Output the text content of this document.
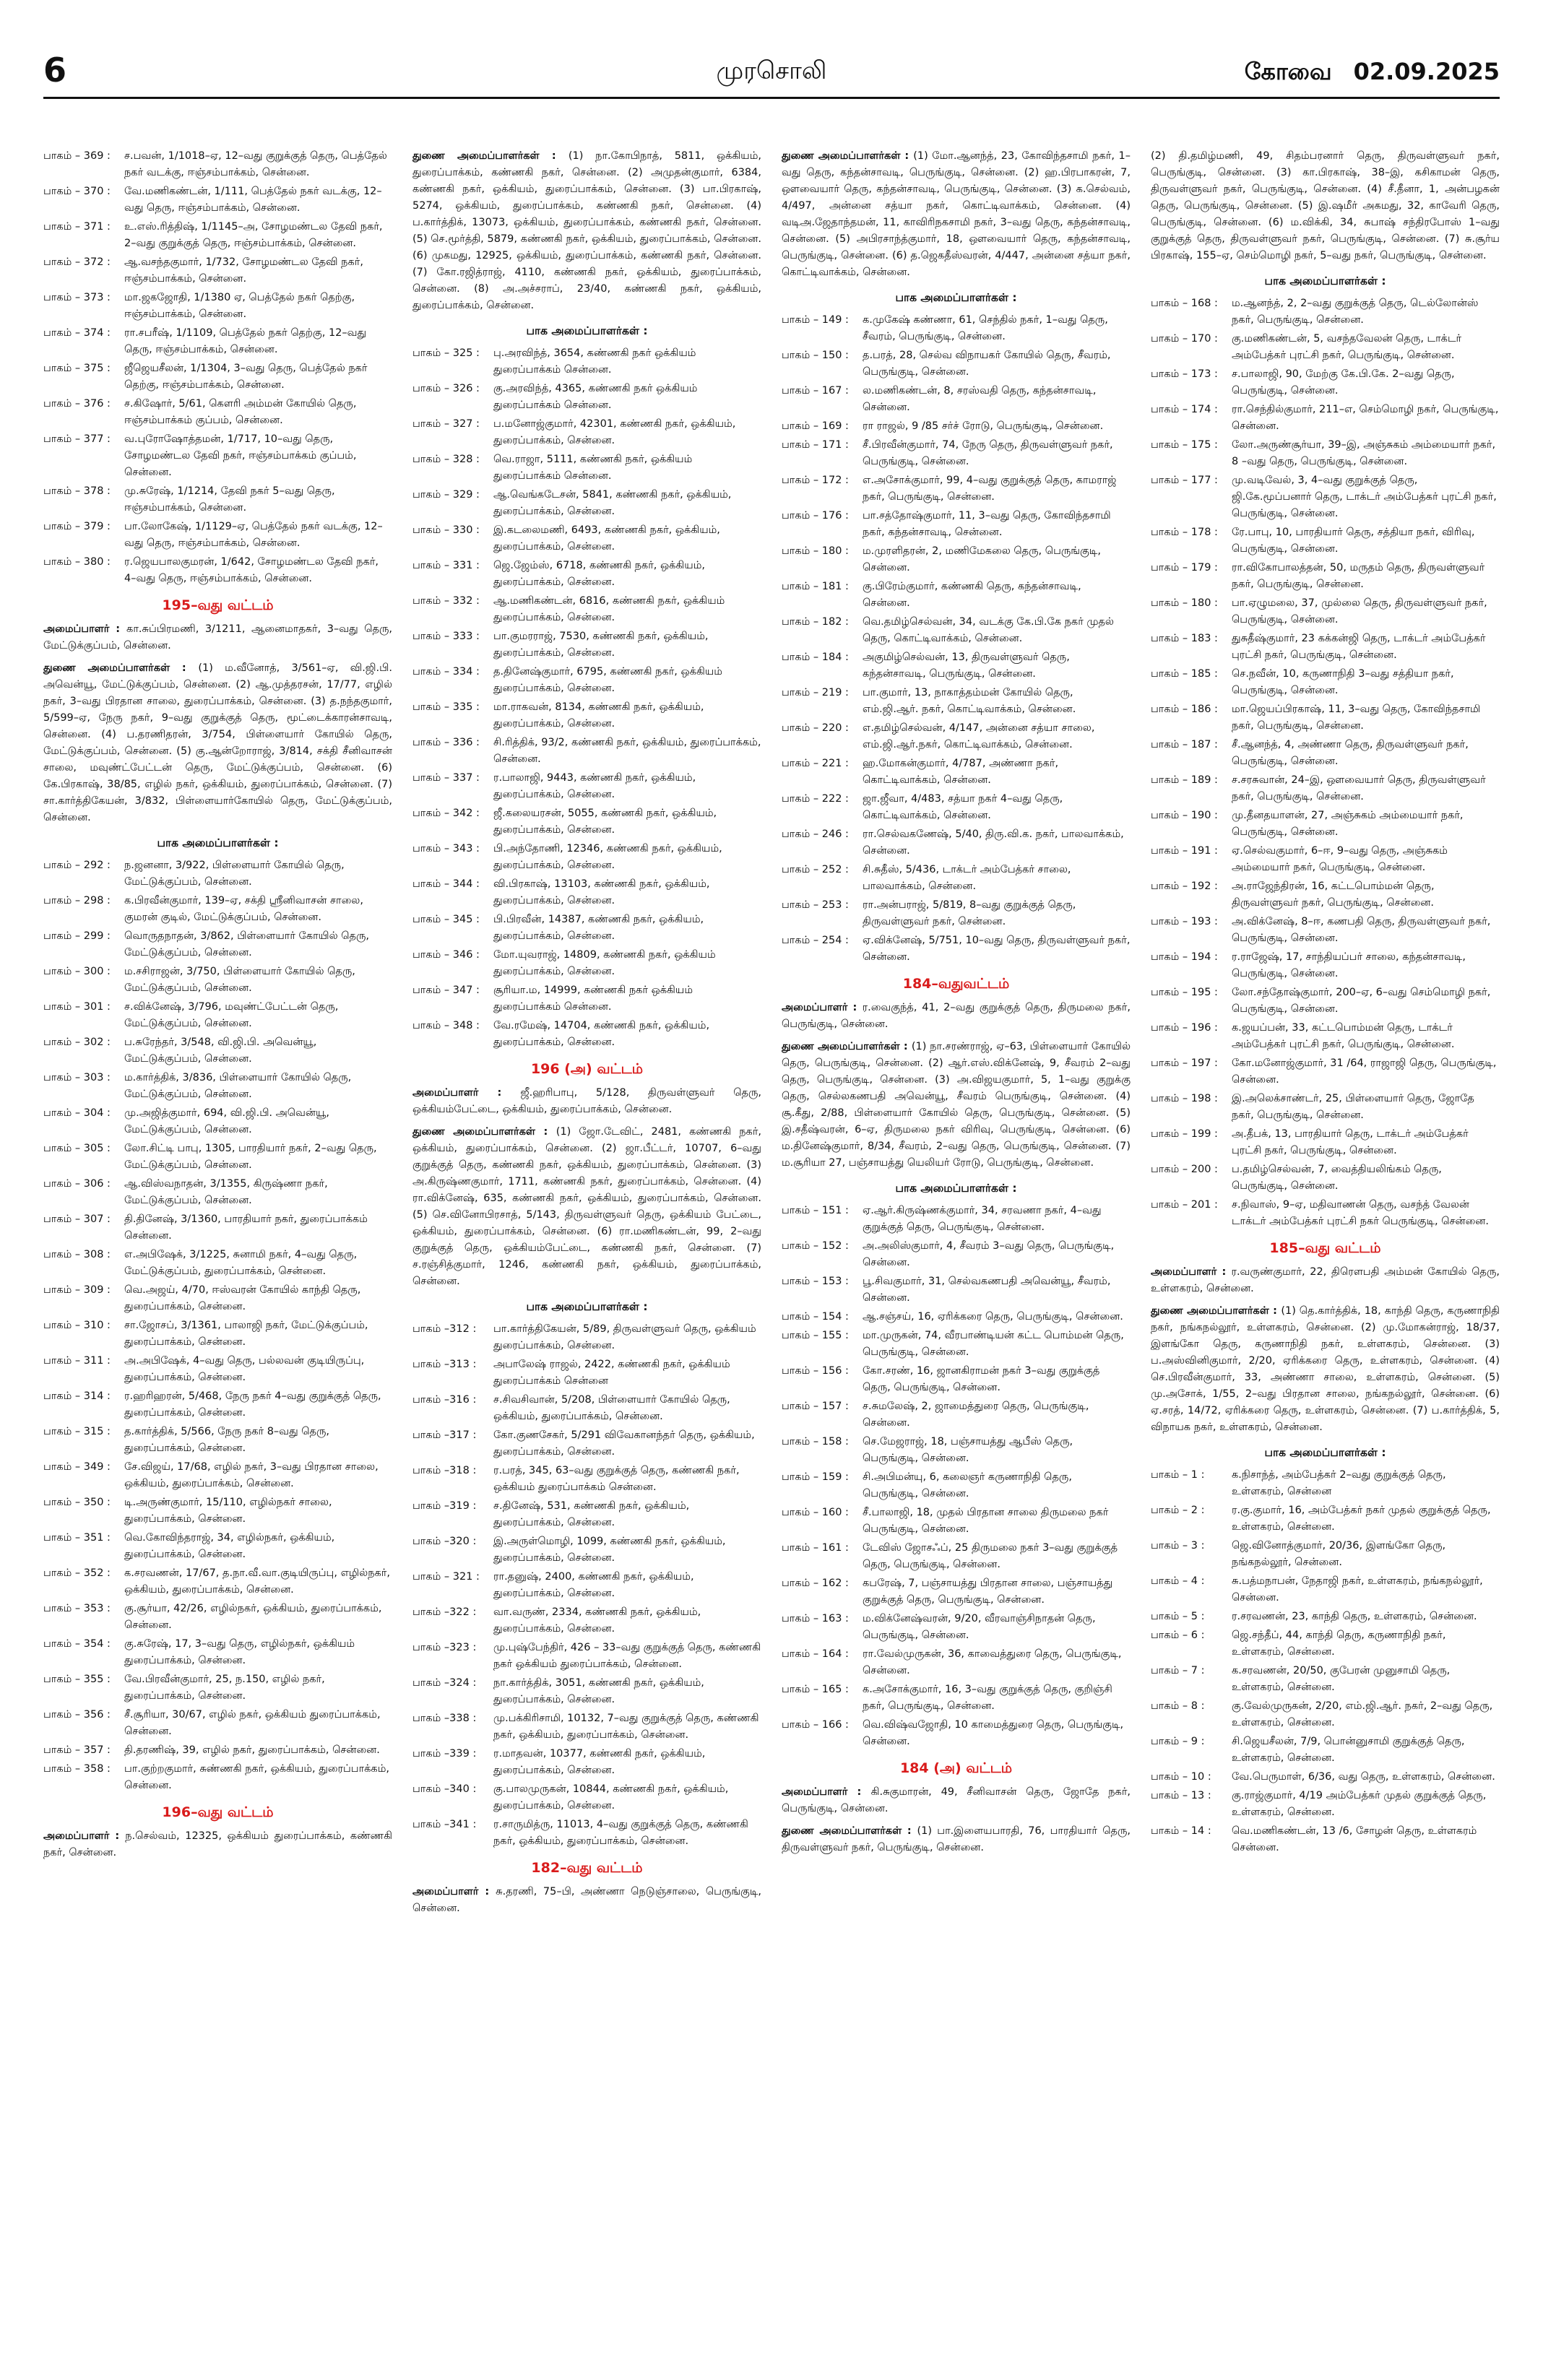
6	முரசொலி	கோவை 02.09.2025
பாகம் – 369 :	ச.பவன், 1/1018–ஏ, 12–வது குறுக்குத் தெரு, பெத்தேல் நகர் வடக்கு, ஈஞ்சம்பாக்கம், சென்னை.
பாகம் – 370 :	வே.மணிகண்டன், 1/111, பெத்தேல் நகர் வடக்கு, 12– வது தெரு, ஈஞ்சம்பாக்கம், சென்னை.
பாகம் – 371 :	உ.எஸ்.ரித்திஷ், 1/1145–அ, சோழமண்டல தேவி நகர், 2–வது குறுக்குத் தெரு, ஈஞ்சம்பாக்கம், சென்னை.
பாகம் – 372 :	ஆ.வசந்தகுமார், 1/732, சோழமண்டல தேவி நகர், ஈஞ்சம்பாக்கம், சென்னை.
பாகம் – 373 :	மா.ஜகஜோதி, 1/1380 ஏ, பெத்தேல் நகர் தெற்கு, ஈஞ்சம்பாக்கம், சென்னை.
பாகம் – 374 :	ரா.சபரீஷ், 1/1109, பெத்தேல் நகர் தெற்கு, 12–வது தெரு, ஈஞ்சம்பாக்கம், சென்னை.
பாகம் – 375 :	ஜீஜெயசீலன், 1/1304, 3–வது தெரு, பெத்தேல் நகர் தெற்கு, ஈஞ்சம்பாக்கம், சென்னை.
பாகம் – 376 :	ச.கிஷோர், 5/61, கௌரி அம்மன் கோயில் தெரு, ஈஞ்சம்பாக்கம் குப்பம், சென்னை.
பாகம் – 377 :	வ.புரோஷோத்தமன், 1/717, 10–வது தெரு, சோழமண்டல தேவி நகர், ஈஞ்சம்பாக்கம் குப்பம், சென்னை.
பாகம் – 378 :	மு.சுரேஷ், 1/1214, தேவி நகர் 5–வது தெரு, ஈஞ்சம்பாக்கம், சென்னை.
பாகம் – 379 :	பா.லோகேஷ், 1/1129–ஏ, பெத்தேல் நகர் வடக்கு, 12–வது தெரு, ஈஞ்சம்பாக்கம், சென்னை.
பாகம் – 380 :	ர.ஜெயபாலகுமரன், 1/642, சோழமண்டல தேவி நகர், 4–வது தெரு, ஈஞ்சம்பாக்கம், சென்னை.
195–வது வட்டம்
அமைப்பாளர் : கா.சுப்பிரமணி, 3/1211, ஆனைமாதகர், 3–வது தெரு, மேட்டுக்குப்பம், சென்னை.
துணை அமைப்பாளர்கள் : (1) ம.வீனோத், 3/561–ஏ, வி.ஜி.பி. அவென்யூ, மேட்டுக்குப்பம், சென்னை. (2) ஆ.முத்தரசன், 17/77, எழில் நகர், 3–வது பிரதான சாலை, துரைப்பாக்கம், சென்னை. (3) த.நந்தகுமார், 5/599–ஏ, நேரு நகர், 9–வது குறுக்குத் தெரு, மூட்டைக்காரன்சாவடி, சென்னை. (4) ப.தரணிதரன், 3/754, பிள்ளையார் கோயில் தெரு, மேட்டுக்குப்பம், சென்னை. (5) கு.ஆன்றோராஜ், 3/814, சக்தி சீனிவாசன் சாலை, மவுண்ட்பேட்டன் தெரு, மேட்டுக்குப்பம், சென்னை. (6) கே.பிரகாஷ், 38/85, எழில் நகர், ஒக்கியம், துரைப்பாக்கம், சென்னை. (7) சா.கார்த்திகேயன், 3/832, பிள்ளையார்கோயில் தெரு, மேட்டுக்குப்பம், சென்னை.
பாக அமைப்பாளர்கள் :
பாகம் – 292 :	ந.ஜனனா, 3/922, பிள்ளையார் கோயில் தெரு, மேட்டுக்குப்பம், சென்னை.
பாகம் – 298 :	க.பிரவீன்குமார், 139–ஏ, சக்தி ஸ்ரீனிவாசன் சாலை, குமரன் குடில், மேட்டுக்குப்பம், சென்னை.
பாகம் – 299 :	வொருதநாதன், 3/862, பிள்ளையார் கோயில் தெரு, மேட்டுக்குப்பம், சென்னை.
பாகம் – 300 :	ம.சசிராஜன், 3/750, பிள்ளையார் கோயில் தெரு, மேட்டுக்குப்பம், சென்னை.
பாகம் – 301 :	ச.விக்னேஷ், 3/796, மவுண்ட்பேட்டன் தெரு, மேட்டுக்குப்பம், சென்னை.
பாகம் – 302 :	ப.சுரேந்தர், 3/548, வி.ஜி.பி. அவென்யூ, மேட்டுக்குப்பம், சென்னை.
பாகம் – 303 :	ம.கார்த்திக், 3/836, பிள்ளையார் கோயில் தெரு, மேட்டுக்குப்பம், சென்னை.
பாகம் – 304 :	மு.அஜித்குமார், 694, வி.ஜி.பி. அவென்யூ, மேட்டுக்குப்பம், சென்னை.
பாகம் – 305 :	லோ.சிட்டி பாபு, 1305, பாரதியார் நகர், 2–வது தெரு, மேட்டுக்குப்பம், சென்னை.
பாகம் – 306 :	ஆ.விஸ்வநாதன், 3/1355, கிருஷ்ணா நகர், மேட்டுக்குப்பம், சென்னை.
பாகம் – 307 :	தி.தினேஷ், 3/1360, பாரதியார் நகர், துரைப்பாக்கம் சென்னை.
பாகம் – 308 :	எ.அபிஷேக், 3/1225, சுனாமி நகர், 4–வது தெரு, மேட்டுக்குப்பம், துரைப்பாக்கம், சென்னை.
பாகம் – 309 :	வெ.அஜய், 4/70, ஈஸ்வரன் கோயில் காந்தி தெரு, துரைப்பாக்கம், சென்னை.
பாகம் – 310 :	சா.ஜோசப், 3/1361, பாலாஜி நகர், மேட்டுக்குப்பம், துரைப்பாக்கம், சென்னை.
பாகம் – 311 :	அ.அபிஷேக், 4–வது தெரு, பல்லவன் குடியிருப்பு, துரைப்பாக்கம், சென்னை.
பாகம் – 314 :	ர.ஹரிஹரன், 5/468, நேரு நகர் 4–வது குறுக்குத் தெரு, துரைப்பாக்கம், சென்னை.
பாகம் – 315 :	த.கார்த்திக், 5/566, நேரு நகர் 8–வது தெரு, துரைப்பாக்கம், சென்னை.
பாகம் – 349 :	சே.விஜய், 17/68, எழில் நகர், 3–வது பிரதான சாலை, ஒக்கியம், துரைப்பாக்கம், சென்னை.
பாகம் – 350 :	டி.அருண்குமார், 15/110, எழில்நகர் சாலை, துரைப்பாக்கம், சென்னை.
பாகம் – 351 :	வெ.கோவிந்தராஜ், 34, எழில்நகர், ஒக்கியம், துரைப்பாக்கம், சென்னை.
பாகம் – 352 :	க.சரவணன், 17/67, த.நா.வீ.வா.குடியிருப்பு, எழில்நகர், ஒக்கியம், துரைப்பாக்கம், சென்னை.
பாகம் – 353 :	கு.சூர்யா, 42/26, எழில்நகர், ஒக்கியம், துரைப்பாக்கம், சென்னை.
பாகம் – 354 :	கு.சுரேஷ், 17, 3–வது தெரு, எழில்நகர், ஒக்கியம் துரைப்பாக்கம், சென்னை.
பாகம் – 355 :	வே.பிரவீன்குமார், 25, ந.150, எழில் நகர், துரைப்பாக்கம், சென்னை.
பாகம் – 356 :	சீ.சூரியா, 30/67, எழில் நகர், ஒக்கியம் துரைப்பாக்கம், சென்னை.
பாகம் – 357 :	தி.தரணிஷ், 39, எழில் நகர், துரைப்பாக்கம், சென்னை.
பாகம் – 358 :	பா.குற்றகுமார், சுண்ணகி நகர், ஒக்கியம், துரைப்பாக்கம், சென்னை.
196–வது வட்டம்
அமைப்பாளர் : ந.செல்வம், 12325, ஒக்கியம் துரைப்பாக்கம், கண்ணகி நகர், சென்னை.
துணை அமைப்பாளர்கள் : (1) நா.கோபிநாத், 5811, ஒக்கியம், துரைப்பாக்கம், கண்ணகி நகர், சென்னை. (2) அமுதன்குமார், 6384, கண்ணகி நகர், ஒக்கியம், துரைப்பாக்கம், சென்னை. (3) பா.பிரகாஷ், 5274, ஒக்கியம், துரைப்பாக்கம், கண்ணகி நகர், சென்னை. (4) ப.கார்த்திக், 13073, ஒக்கியம், துரைப்பாக்கம், கண்ணகி நகர், சென்னை. (5) செ.மூர்த்தி, 5879, கண்ணகி நகர், ஒக்கியம், துரைப்பாக்கம், சென்னை. (6) முகமது, 12925, ஒக்கியம், துரைப்பாக்கம், கண்ணகி நகர், சென்னை. (7) கோ.ரஜித்ராஜ், 4110, கண்ணகி நகர், ஒக்கியம், துரைப்பாக்கம், சென்னை. (8) அ.அச்சராப், 23/40, கண்ணகி நகர், ஒக்கியம், துரைப்பாக்கம், சென்னை.
பாக அமைப்பாளர்கள் :
பாகம் – 325 :	பு.அரவிந்த், 3654, கண்ணகி நகர் ஒக்கியம் துரைப்பாக்கம் சென்னை.
பாகம் – 326 :	கு.அரவிந்த், 4365, கண்ணகி நகர் ஒக்கியம் துரைப்பாக்கம் சென்னை.
பாகம் – 327 :	ப.மனோஜ்குமார், 42301, கண்ணகி நகர், ஒக்கியம், துரைப்பாக்கம், சென்னை.
பாகம் – 328 :	வெ.ராஜா, 5111, கண்ணகி நகர், ஒக்கியம் துரைப்பாக்கம் சென்னை.
பாகம் – 329 :	ஆ.வெங்கடேசன், 5841, கண்ணகி நகர், ஒக்கியம், துரைப்பாக்கம், சென்னை.
பாகம் – 330 :	இ.கடலைமணி, 6493, கண்ணகி நகர், ஒக்கியம், துரைப்பாக்கம், சென்னை.
பாகம் – 331 :	ஜெ.ஜேம்ஸ், 6718, கண்ணகி நகர், ஒக்கியம், துரைப்பாக்கம், சென்னை.
பாகம் – 332 :	ஆ.மணிகண்டன், 6816, கண்ணகி நகர், ஒக்கியம் துரைப்பாக்கம், சென்னை.
பாகம் – 333 :	பா.குமரராஜ், 7530, கண்ணகி நகர், ஒக்கியம், துரைப்பாக்கம், சென்னை.
பாகம் – 334 :	த.தினேஷ்குமார், 6795, கண்ணகி நகர், ஒக்கியம் துரைப்பாக்கம், சென்னை.
பாகம் – 335 :	மா.ராகவன், 8134, கண்ணகி நகர், ஒக்கியம், துரைப்பாக்கம், சென்னை.
பாகம் – 336 :	சி.ரித்திக், 93/2, கண்ணகி நகர், ஒக்கியம், துரைப்பாக்கம், சென்னை.
பாகம் – 337 :	ர.பாலாஜி, 9443, கண்ணகி நகர், ஒக்கியம், துரைப்பாக்கம், சென்னை.
பாகம் – 342 :	ஜீ.கலையரசன், 5055, கண்ணகி நகர், ஒக்கியம், துரைப்பாக்கம், சென்னை.
பாகம் – 343 :	பி.அந்தோணி, 12346, கண்ணகி நகர், ஒக்கியம், துரைப்பாக்கம், சென்னை.
பாகம் – 344 :	வி.பிரகாஷ், 13103, கண்ணகி நகர், ஒக்கியம், துரைப்பாக்கம், சென்னை.
பாகம் – 345 :	பி.பிரவீன், 14387, கண்ணகி நகர், ஒக்கியம், துரைப்பாக்கம், சென்னை.
பாகம் – 346 :	மோ.யுவராஜ், 14809, கண்ணகி நகர், ஒக்கியம் துரைப்பாக்கம், சென்னை.
பாகம் – 347 :	சூரியா.ம, 14999, கண்ணகி நகர் ஒக்கியம் துரைப்பாக்கம் சென்னை.
பாகம் – 348 :	வே.ரமேஷ், 14704, கண்ணகி நகர், ஒக்கியம், துரைப்பாக்கம், சென்னை.
196 (அ) வட்டம்
அமைப்பாளர் : ஜீ.ஹரிபாபு, 5/128, திருவள்ளுவர் தெரு, ஒக்கியம்பேட்டை, ஒக்கியம், துரைப்பாக்கம், சென்னை.
துணை அமைப்பாளர்கள் : (1) ஜோ.டேவிட், 2481, கண்ணகி நகர், ஒக்கியம், துரைப்பாக்கம், சென்னை. (2) ஜா.பீட்டர், 10707, 6–வது குறுக்குத் தெரு, கண்ணகி நகர், ஒக்கியம், துரைப்பாக்கம், சென்னை. (3) அ.கிருஷ்ணகுமார், 1711, கண்ணகி நகர், துரைப்பாக்கம், சென்னை. (4) ரா.விக்னேஷ், 635, கண்ணகி நகர், ஒக்கியம், துரைப்பாக்கம், சென்னை. (5) செ.வினோபிரசாத், 5/143, திருவள்ளுவர் தெரு, ஒக்கியம் பேட்டை, ஒக்கியம், துரைப்பாக்கம், சென்னை. (6) ரா.மணிகண்டன், 99, 2–வது குறுக்குத் தெரு, ஒக்கியம்பேட்டை, கண்ணகி நகர், சென்னை. (7) ச.ரஞ்சித்குமார், 1246, கண்ணகி நகர், ஒக்கியம், துரைப்பாக்கம், சென்னை.
பாக அமைப்பாளர்கள் :
பாகம் –312 :	பா.கார்த்திகேயன், 5/89, திருவள்ளுவர் தெரு, ஒக்கியம் துரைப்பாக்கம், சென்னை.
பாகம் –313 :	அபாலேஷ் ராஜல், 2422, கண்ணகி நகர், ஒக்கியம் துரைப்பாக்கம் சென்னை
பாகம் –316 :	ச.சிவசிவான், 5/208, பிள்ளையார் கோயில் தெரு, ஒக்கியம், துரைப்பாக்கம், சென்னை.
பாகம் –317 :	கோ.குணசேகர், 5/291 விவேகானந்தர் தெரு, ஒக்கியம், துரைப்பாக்கம், சென்னை.
பாகம் –318 :	ர.பரத், 345, 63–வது குறுக்குத் தெரு, கண்ணகி நகர், ஒக்கியம் துரைப்பாக்கம் சென்னை.
பாகம் –319 :	ச.தினேஷ், 531, கண்ணகி நகர், ஒக்கியம், துரைப்பாக்கம், சென்னை.
பாகம் –320 :	இ.அருள்மொழி, 1099, கண்ணகி நகர், ஒக்கியம், துரைப்பாக்கம், சென்னை.
பாகம் – 321 :	ரா.தனுஷ், 2400, கண்ணகி நகர், ஒக்கியம், துரைப்பாக்கம், சென்னை.
பாகம் –322 :	வா.வருண், 2334, கண்ணகி நகர், ஒக்கியம், துரைப்பாக்கம், சென்னை.
பாகம் –323 :	மு.புஷ்பேந்திர், 426 – 33–வது குறுக்குத் தெரு, கண்ணகி நகர் ஒக்கியம் துரைப்பாக்கம், சென்னை.
பாகம் –324 :	நா.கார்த்திக், 3051, கண்ணகி நகர், ஒக்கியம், துரைப்பாக்கம், சென்னை.
பாகம் –338 :	மு.பக்கிரிசாமி, 10132, 7–வது குறுக்குத் தெரு, கண்ணகி நகர், ஒக்கியம், துரைப்பாக்கம், சென்னை.
பாகம் –339 :	ர.மாதவன், 10377, கண்ணகி நகர், ஒக்கியம், துரைப்பாக்கம், சென்னை.
பாகம் –340 :	கு.பாலமுருகன், 10844, கண்ணகி நகர், ஒக்கியம், துரைப்பாக்கம், சென்னை.
பாகம் –341 :	ர.சாருமித்ரு, 11013, 4–வது குறுக்குத் தெரு, கண்ணகி நகர், ஒக்கியம், துரைப்பாக்கம், சென்னை.
182–வது வட்டம்
அமைப்பாளர் : சு.தரணி, 75–பி, அண்ணா நெடுஞ்சாலை, பெருங்குடி, சென்னை.
துணை அமைப்பாளர்கள் : (1) மோ.ஆனந்த், 23, கோவிந்தசாமி நகர், 1–வது தெரு, கந்தன்சாவடி, பெருங்குடி, சென்னை. (2) ஹ.பிரபாகரன், 7, ஔவையார் தெரு, கந்தன்சாவடி, பெருங்குடி, சென்னை. (3) க.செல்வம், 4/497, அன்னை சத்யா நகர், கொட்டிவாக்கம், சென்னை. (4) வடிஅ.ஜேதாந்தமன், 11, காவிரிநகசாமி நகர், 3–வது தெரு, கந்தன்சாவடி, சென்னை. (5) அபிரசாந்த்குமார், 18, ஔவையார் தெரு, கந்தன்சாவடி, பெருங்குடி, சென்னை. (6) த.ஜெகதீஸ்வரன், 4/447, அன்னை சத்யா நகர், கொட்டிவாக்கம், சென்னை.
பாக அமைப்பாளர்கள் :
பாகம் – 149 :	க.முகேஷ் கண்ணா, 61, செந்தில் நகர், 1–வது தெரு, சீவரம், பெருங்குடி, சென்னை.
பாகம் – 150 :	த.பரத், 28, செல்வ விநாயகர் கோயில் தெரு, சீவரம், பெருங்குடி, சென்னை.
பாகம் – 167 :	ல.மணிகண்டன், 8, சரஸ்வதி தெரு, கந்தன்சாவடி, சென்னை.
பாகம் – 169 :	ரா ராஜல், 9 /85 சர்ச் ரோடு, பெருங்குடி, சென்னை.
பாகம் – 171 :	சீ.பிரவீன்குமார், 74, நேரு தெரு, திருவள்ளுவர் நகர், பெருங்குடி, சென்னை.
பாகம் – 172 :	எ.அசோக்குமார், 99, 4–வது குறுக்குத் தெரு, காமராஜ் நகர், பெருங்குடி, சென்னை.
பாகம் – 176 :	பா.சத்தோஷ்குமார், 11, 3–வது தெரு, கோவிந்தசாமி நகர், கந்தன்சாவடி, சென்னை.
பாகம் – 180 :	ம.முரளிதரன், 2, மணிமேகலை தெரு, பெருங்குடி, சென்னை.
பாகம் – 181 :	கு.பிரேம்குமார், கண்ணகி தெரு, கந்தன்சாவடி, சென்னை.
பாகம் – 182 :	வெ.தமிழ்செல்வன், 34, வடக்கு கே.பி.கே நகர் முதல் தெரு, கொட்டிவாக்கம், சென்னை.
பாகம் – 184 :	அகுமிழ்செல்வன், 13, திருவள்ளுவர் தெரு, கந்தன்சாவடி, பெருங்குடி, சென்னை.
பாகம் – 219 :	பா.குமார், 13, நாகாத்தம்மன் கோயில் தெரு, எம்.ஜி.ஆர். நகர், கொட்டிவாக்கம், சென்னை.
பாகம் – 220 :	எ.தமிழ்செல்வன், 4/147, அன்னை சத்யா சாலை, எம்.ஜி.ஆர்.நகர், கொட்டிவாக்கம், சென்னை.
பாகம் – 221 :	ஹ.மோகன்குமார், 4/787, அண்ணா நகர், கொட்டிவாக்கம், சென்னை.
பாகம் – 222 :	ஜா.ஜீவா, 4/483, சத்யா நகர் 4–வது தெரு, கொட்டிவாக்கம், சென்னை.
பாகம் – 246 :	ரா.செல்வகணேஷ், 5/40, திரு.வி.க. நகர், பாலவாக்கம், சென்னை.
பாகம் – 252 :	சி.சுதீஸ், 5/436, டாக்டர் அம்பேத்கர் சாலை, பாலவாக்கம், சென்னை.
பாகம் – 253 :	ரா.அன்பராஜ், 5/819, 8–வது குறுக்குத் தெரு, திருவள்ளுவர் நகர், சென்னை.
பாகம் – 254 :	ஏ.விக்னேஷ், 5/751, 10–வது தெரு, திருவள்ளுவர் நகர், சென்னை.
184–வதுவட்டம்
அமைப்பாளர் : ர.வைகுந்த், 41, 2–வது குறுக்குத் தெரு, திருமலை நகர், பெருங்குடி, சென்னை.
துணை அமைப்பாளர்கள் : (1) நா.சரண்ராஜ், ஏ–63, பிள்ளையார் கோயில் தெரு, பெருங்குடி, சென்னை. (2) ஆர்.எஸ்.விக்னேஷ், 9, சீவரம் 2–வது தெரு, பெருங்குடி, சென்னை. (3) அ.விஜயகுமார், 5, 1–வது குறுக்கு தெரு, செல்லகணபதி அவென்யூ, சீவரம் பெருங்குடி, சென்னை. (4) சூ.கீது, 2/88, பிள்ளையார் கோயில் தெரு, பெருங்குடி, சென்னை. (5) இ.சதீஷ்வரன், 6–ஏ, திருமலை நகர் விரிவு, பெருங்குடி, சென்னை. (6) ம.தினேஷ்குமார், 8/34, சீவரம், 2–வது தெரு, பெருங்குடி, சென்னை. (7) ம.சூரியா 27, பஞ்சாயத்து யெலியர் ரோடு, பெருங்குடி, சென்னை.
பாக அமைப்பாளர்கள் :
பாகம் – 151 :	ஏ.ஆர்.கிருஷ்ணக்குமார், 34, சரவணா நகர், 4–வது குறுக்குத் தெரு, பெருங்குடி, சென்னை.
பாகம் – 152 :	அ.அலிஸ்குமார், 4, சீவரம் 3–வது தெரு, பெருங்குடி, சென்னை.
பாகம் – 153 :	பூ.சிவகுமார், 31, செல்வகணபதி அவென்யூ, சீவரம், சென்னை.
பாகம் – 154 :	ஆ.சஞ்சய், 16, ஏரிக்கரை தெரு, பெருங்குடி, சென்னை.
பாகம் – 155 :	மா.முருகன், 74, வீரபாண்டியன் கட்ட பொம்மன் தெரு, பெருங்குடி, சென்னை.
பாகம் – 156 :	கோ.சரண், 16, ஜானகிராமன் நகர் 3–வது குறுக்குத் தெரு, பெருங்குடி, சென்னை.
பாகம் – 157 :	ச.சுமலேஷ், 2, ஜாமைத்துரை தெரு, பெருங்குடி, சென்னை.
பாகம் – 158 :	செ.மேஜராஜ், 18, பஞ்சாயத்து ஆபீஸ் தெரு, பெருங்குடி, சென்னை.
பாகம் – 159 :	சி.அபிமன்யு, 6, கலைஞர் கருணாநிதி தெரு, பெருங்குடி, சென்னை.
பாகம் – 160 :	சீ.பாலாஜி, 18, முதல் பிரதான சாலை திருமலை நகர் பெருங்குடி, சென்னை.
பாகம் – 161 :	டேவிஸ் ஜோசஃப், 25 திருமலை நகர் 3–வது குறுக்குத் தெரு, பெருங்குடி, சென்னை.
பாகம் – 162 :	கபரேஷ், 7, பஞ்சாயத்து பிரதான சாலை, பஞ்சாயத்து குறுக்குத் தெரு, பெருங்குடி, சென்னை.
பாகம் – 163 :	ம.விக்னேஷ்வரன், 9/20, வீரவாஞ்சிநாதன் தெரு, பெருங்குடி, சென்னை.
பாகம் – 164 :	ரா.வேல்முருகன், 36, காவைத்துரை தெரு, பெருங்குடி, சென்னை.
பாகம் – 165 :	க.அசோக்குமார், 16, 3–வது குறுக்குத் தெரு, குறிஞ்சி நகர், பெருங்குடி, சென்னை.
பாகம் – 166 :	வெ.விஷ்வஜோதி, 10 காமைத்துரை தெரு, பெருங்குடி, சென்னை.
184 (அ) வட்டம்
அமைப்பாளர் : கி.சுகுமாரன், 49, சீனிவாசன் தெரு, ஜோதே நகர், பெருங்குடி, சென்னை.
துணை அமைப்பாளர்கள் : (1) பா.இளையபாரதி, 76, பாரதியார் தெரு, திருவள்ளுவர் நகர், பெருங்குடி, சென்னை.
(2) தி.தமிழ்மணி, 49, சிதம்பரனார் தெரு, திருவள்ளுவர் நகர், பெருங்குடி, சென்னை. (3) கா.பிரகாஷ், 38–இ, கசிகாமன் தெரு, திருவள்ளுவர் நகர், பெருங்குடி, சென்னை. (4) சீ.தீனா, 1, அன்பழகன் தெரு, பெருங்குடி, சென்னை. (5) இ.ஷமீர் அகமது, 32, காவேரி தெரு, பெருங்குடி, சென்னை. (6) ம.விக்கி, 34, சுபாஷ் சந்திரபோஸ் 1–வது குறுக்குத் தெரு, திருவள்ளுவர் நகர், பெருங்குடி, சென்னை. (7) சு.சூர்ய பிரகாஷ், 155–ஏ, செம்மொழி நகர், 5–வது நகர், பெருங்குடி, சென்னை.
பாக அமைப்பாளர்கள் :
பாகம் – 168 :	ம.ஆனந்த், 2, 2–வது குறுக்குத் தெரு, டெல்லோன்ஸ் நகர், பெருங்குடி, சென்னை.
பாகம் – 170 :	கு.மணிகண்டன், 5, வசந்தவேலன் தெரு, டாக்டர் அம்பேத்கர் புரட்சி நகர், பெருங்குடி, சென்னை.
பாகம் – 173 :	ச.பாலாஜி, 90, மேற்கு கே.பி.கே. 2–வது தெரு, பெருங்குடி, சென்னை.
பாகம் – 174 :	ரா.செந்தில்குமார், 211–எ, செம்மொழி நகர், பெருங்குடி, சென்னை.
பாகம் – 175 :	லோ.அருண்சூர்யா, 39–இ, அஞ்சுகம் அம்மையார் நகர், 8 –வது தெரு, பெருங்குடி, சென்னை.
பாகம் – 177 :	மு.வடிவேல், 3, 4–வது குறுக்குத் தெரு, ஜி.கே.மூப்பனார் தெரு, டாக்டர் அம்பேத்கர் புரட்சி நகர், பெருங்குடி, சென்னை.
பாகம் – 178 :	ரே.பாபு, 10, பாரதியார் தெரு, சத்தியா நகர், விரிவு, பெருங்குடி, சென்னை.
பாகம் – 179 :	ரா.விகோபாலத்தன், 50, மருதம் தெரு, திருவள்ளுவர் நகர், பெருங்குடி, சென்னை.
பாகம் – 180 :	பா.ஏழுமலை, 37, முல்லை தெரு, திருவள்ளுவர் நகர், பெருங்குடி, சென்னை.
பாகம் – 183 :	துசுதீஷ்குமார், 23 கக்கன்ஜி தெரு, டாக்டர் அம்பேத்கர் புரட்சி நகர், பெருங்குடி, சென்னை.
பாகம் – 185 :	செ.நவீன், 10, கருணாநிதி 3–வது சத்தியா நகர், பெருங்குடி, சென்னை.
பாகம் – 186 :	மா.ஜெயப்பிரகாஷ், 11, 3–வது தெரு, கோவிந்தசாமி நகர், பெருங்குடி, சென்னை.
பாகம் – 187 :	சீ.ஆனந்த், 4, அண்ணா தெரு, திருவள்ளுவர் நகர், பெருங்குடி, சென்னை.
பாகம் – 189 :	ச.சரசுவான், 24–இ, ஔவையார் தெரு, திருவள்ளுவர் நகர், பெருங்குடி, சென்னை.
பாகம் – 190 :	மு.தீனதயாளன், 27, அஞ்சுகம் அம்மையார் நகர், பெருங்குடி, சென்னை.
பாகம் – 191 :	ஏ.செல்வகுமார், 6–ஈ, 9–வது தெரு, அஞ்சுகம் அம்மையார் நகர், பெருங்குடி, சென்னை.
பாகம் – 192 :	அ.ராஜேந்திரன், 16, கட்டபொம்மன் தெரு, திருவள்ளுவர் நகர், பெருங்குடி, சென்னை.
பாகம் – 193 :	அ.விக்னேஷ், 8–ஈ, கணபதி தெரு, திருவள்ளுவர் நகர், பெருங்குடி, சென்னை.
பாகம் – 194 :	ர.ராஜேஷ், 17, சாந்தியப்பர் சாலை, கந்தன்சாவடி, பெருங்குடி, சென்னை.
பாகம் – 195 :	லோ.சந்தோஷ்குமார், 200–ஏ, 6–வது செம்மொழி நகர், பெருங்குடி, சென்னை.
பாகம் – 196 :	க.ஜயப்பன், 33, கட்டபொம்மன் தெரு, டாக்டர் அம்பேத்கர் புரட்சி நகர், பெருங்குடி, சென்னை.
பாகம் – 197 :	கோ.மனோஜ்குமார், 31 /64, ராஜாஜி தெரு, பெருங்குடி, சென்னை.
பாகம் – 198 :	இ.அலெக்சாண்டர், 25, பிள்ளையார் தெரு, ஜோதே நகர், பெருங்குடி, சென்னை.
பாகம் – 199 :	அ.தீபக், 13, பாரதியார் தெரு, டாக்டர் அம்பேத்கர் புரட்சி நகர், பெருங்குடி, சென்னை.
பாகம் – 200 :	ப.தமிழ்செல்வன், 7, வைத்தியலிங்கம் தெரு, பெருங்குடி, சென்னை.
பாகம் – 201 :	ச.நிவாஸ், 9–ஏ, மதிவாணன் தெரு, வசந்த் வேலன் டாக்டர் அம்பேத்கர் புரட்சி நகர் பெருங்குடி, சென்னை.
185–வது வட்டம்
அமைப்பாளர் : ர.வருண்குமார், 22, திரௌபதி அம்மன் கோயில் தெரு, உள்ளகரம், சென்னை.
துணை அமைப்பாளர்கள் : (1) தெ.கார்த்திக், 18, காந்தி தெரு, கருணாநிதி நகர், நங்கநல்லூர், உள்ளகரம், சென்னை. (2) மு.மோகன்ராஜ், 18/37, இளங்கோ தெரு, கருணாநிதி நகர், உள்ளகரம், சென்னை. (3) ப.அஸ்வினிகுமார், 2/20, ஏரிக்கரை தெரு, உள்ளகரம், சென்னை. (4) செ.பிரவீன்குமார், 33, அண்ணா சாலை, உள்ளகரம், சென்னை. (5) மு.அசோக், 1/55, 2–வது பிரதான சாலை, நங்கநல்லூர், சென்னை. (6) ஏ.சரத், 14/72, ஏரிக்கரை தெரு, உள்ளகரம், சென்னை. (7) ப.கார்த்திக், 5, விநாயக நகர், உள்ளகரம், சென்னை.
பாக அமைப்பாளர்கள் :
பாகம் – 1 :	க.நிசாந்த், அம்பேத்கர் 2–வது குறுக்குத் தெரு, உள்ளகரம், சென்னை
பாகம் – 2 :	ர.கு.குமார், 16, அம்பேத்கர் நகர் முதல் குறுக்குத் தெரு, உள்ளகரம், சென்னை.
பாகம் – 3 :	ஜெ.வினோத்குமார், 20/36, இளங்கோ தெரு, நங்கநல்லூர், சென்னை.
பாகம் – 4 :	சு.பத்மநாபன், நேதாஜி நகர், உள்ளகரம், நங்கநல்லூர், சென்னை.
பாகம் – 5 :	ர.சரவணன், 23, காந்தி தெரு, உள்ளகரம், சென்னை.
பாகம் – 6 :	ஜெ.சந்தீப், 44, காந்தி தெரு, கருணாநிதி நகர், உள்ளகரம், சென்னை.
பாகம் – 7 :	க.சரவணன், 20/50, குபேரன் முனுசாமி தெரு, உள்ளகரம், சென்னை.
பாகம் – 8 :	கு.வேல்முருகன், 2/20, எம்.ஜி.ஆர். நகர், 2–வது தெரு, உள்ளகரம், சென்னை.
பாகம் – 9 :	சி.ஜெயசீலன், 7/9, பொன்னுசாமி குறுக்குத் தெரு, உள்ளகரம், சென்னை.
பாகம் – 10 :	வே.பெருமாள், 6/36, வது தெரு, உள்ளகரம், சென்னை.
பாகம் – 13 :	கு.ராஜ்குமார், 4/19 அம்பேத்கர் முதல் குறுக்குத் தெரு, உள்ளகரம், சென்னை.
பாகம் – 14 :	வெ.மணிகண்டன், 13 /6, சோழன் தெரு, உள்ளகரம் சென்னை.
